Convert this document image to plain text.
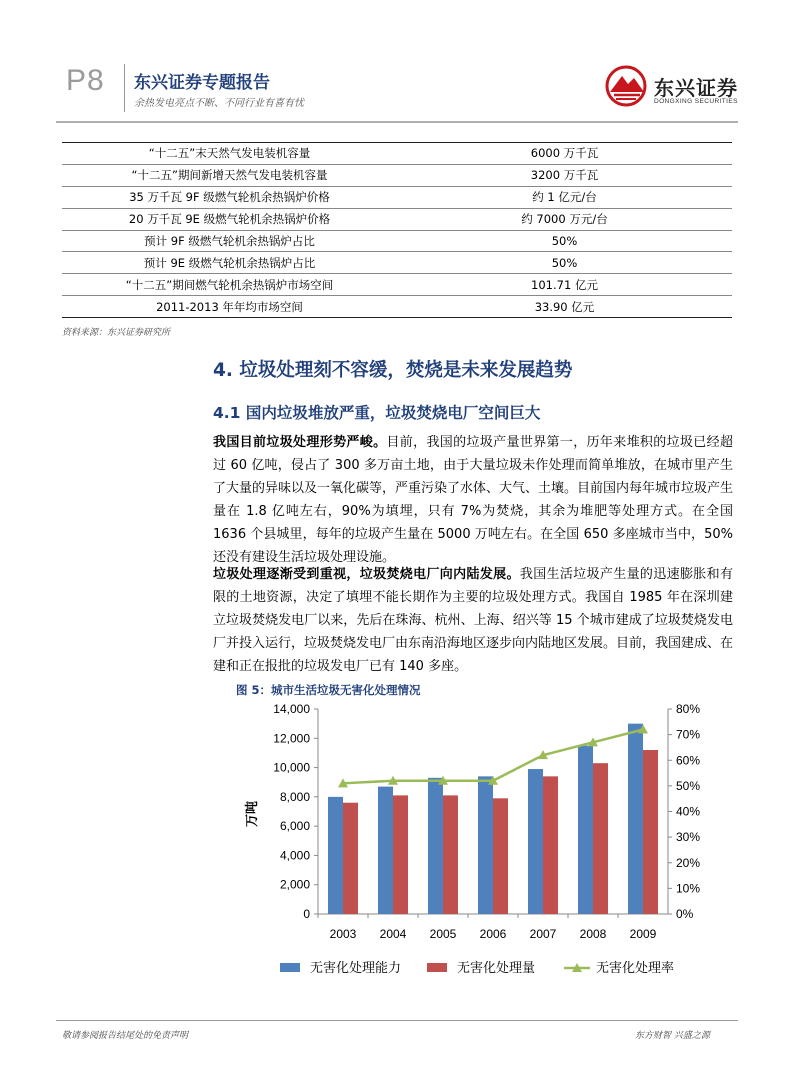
P8 东兴证券专题报告
余热发电亮点不断、不同行业有喜有忧
东兴证券
DONGXING SECURITIES
“十二五”末天然气发电装机容量	6000 万千瓦
“十二五”期间新增天然气发电装机容量	3200 万千瓦
35 万千瓦 9F 级燃气轮机余热锅炉价格	约 1 亿元/台
20 万千瓦 9E 级燃气轮机余热锅炉价格	约 7000 万元/台
预计 9F 级燃气轮机余热锅炉占比	50%
预计 9E 级燃气轮机余热锅炉占比	50%
“十二五”期间燃气轮机余热锅炉市场空间	101.71 亿元
2011-2013 年年均市场空间	33.90 亿元
资料来源：东兴证券研究所
4. 垃圾处理刻不容缓，焚烧是未来发展趋势
4.1 国内垃圾堆放严重，垃圾焚烧电厂空间巨大
我国目前垃圾处理形势严峻。目前，我国的垃圾产量世界第一，历年来堆积的垃圾已经超过 60 亿吨，侵占了 300 多万亩土地，由于大量垃圾未作处理而简单堆放，在城市里产生了大量的异味以及一氧化碳等，严重污染了水体、大气、土壤。目前国内每年城市垃圾产生量在 1.8 亿吨左右，90%为填埋，只有 7%为焚烧，其余为堆肥等处理方式。在全国 1636 个县城里，每年的垃圾产生量在 5000 万吨左右。在全国 650 多座城市当中，50%还没有建设生活垃圾处理设施。
垃圾处理逐渐受到重视，垃圾焚烧电厂向内陆发展。我国生活垃圾产生量的迅速膨胀和有限的土地资源，决定了填埋不能长期作为主要的垃圾处理方式。我国自 1985 年在深圳建立垃圾焚烧发电厂以来，先后在珠海、杭州、上海、绍兴等 15 个城市建成了垃圾焚烧发电厂并投入运行，垃圾焚烧发电厂由东南沿海地区逐步向内陆地区发展。目前，我国建成、在建和正在报批的垃圾发电厂已有 140 多座。
图 5：城市生活垃圾无害化处理情况
0
2,000
4,000
6,000
8,000
10,000
12,000
14,000
0%
10%
20%
30%
40%
50%
60%
70%
80%
万吨
2003 2004 2005 2006 2007 2008 2009
无害化处理能力	无害化处理量	无害化处理率
敬请参阅报告结尾处的免责声明	东方财智 兴盛之源
